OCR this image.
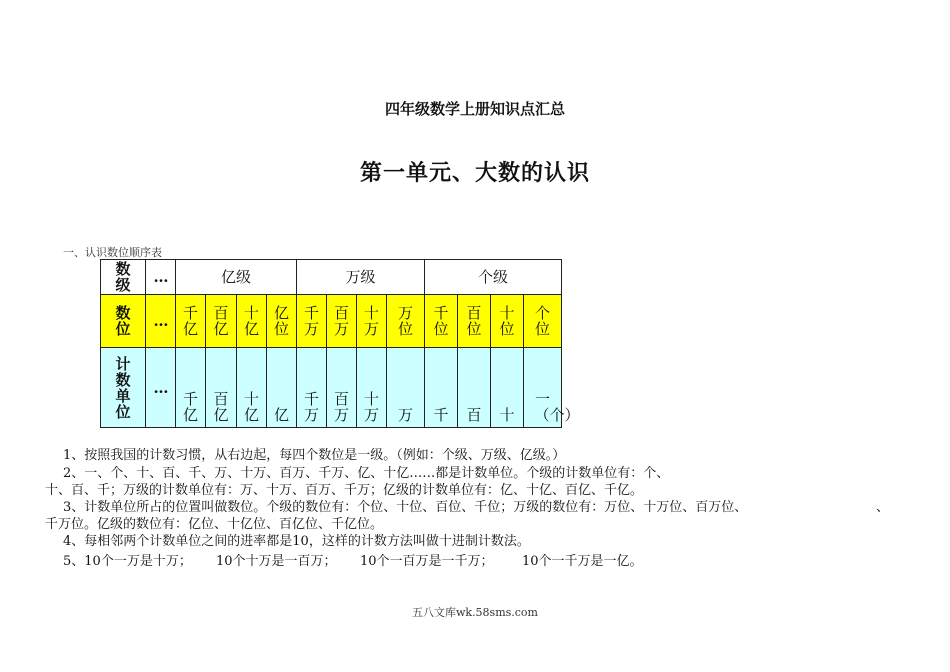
四年级数学上册知识点汇总
第一单元、大数的认识
一、认识数位顺序表
数级	…	亿级				万级				个级			
数位	…	千亿	百亿	十亿	亿位	千万	百万	十万	万位	千位	百位	十位	个位
计数单位	…	千亿	百亿	十亿	亿	千万	百万	十万	万	千	百	十	一（个）
1、按照我国的计数习惯，从右边起，每四个数位是一级。（例如：个级、万级、亿级。）
2、一、个、十、百、千、万、十万、百万、千万、亿、十亿……都是计数单位。个级的计数单位有：个、
十、百、千；万级的计数单位有：万、十万、百万、千万；亿级的计数单位有：亿、十亿、百亿、千亿。
3、计数单位所占的位置叫做数位。个级的数位有：个位、十位、百位、千位；万级的数位有：万位、十万位、百万位、	、
千万位。亿级的数位有：亿位、十亿位、百亿位、千亿位。
4、每相邻两个计数单位之间的进率都是10，这样的计数方法叫做十进制计数法。
5、10个一万是十万； 10个十万是一百万； 10个一百万是一千万； 10个一千万是一亿。
五八文库wk.58sms.com
